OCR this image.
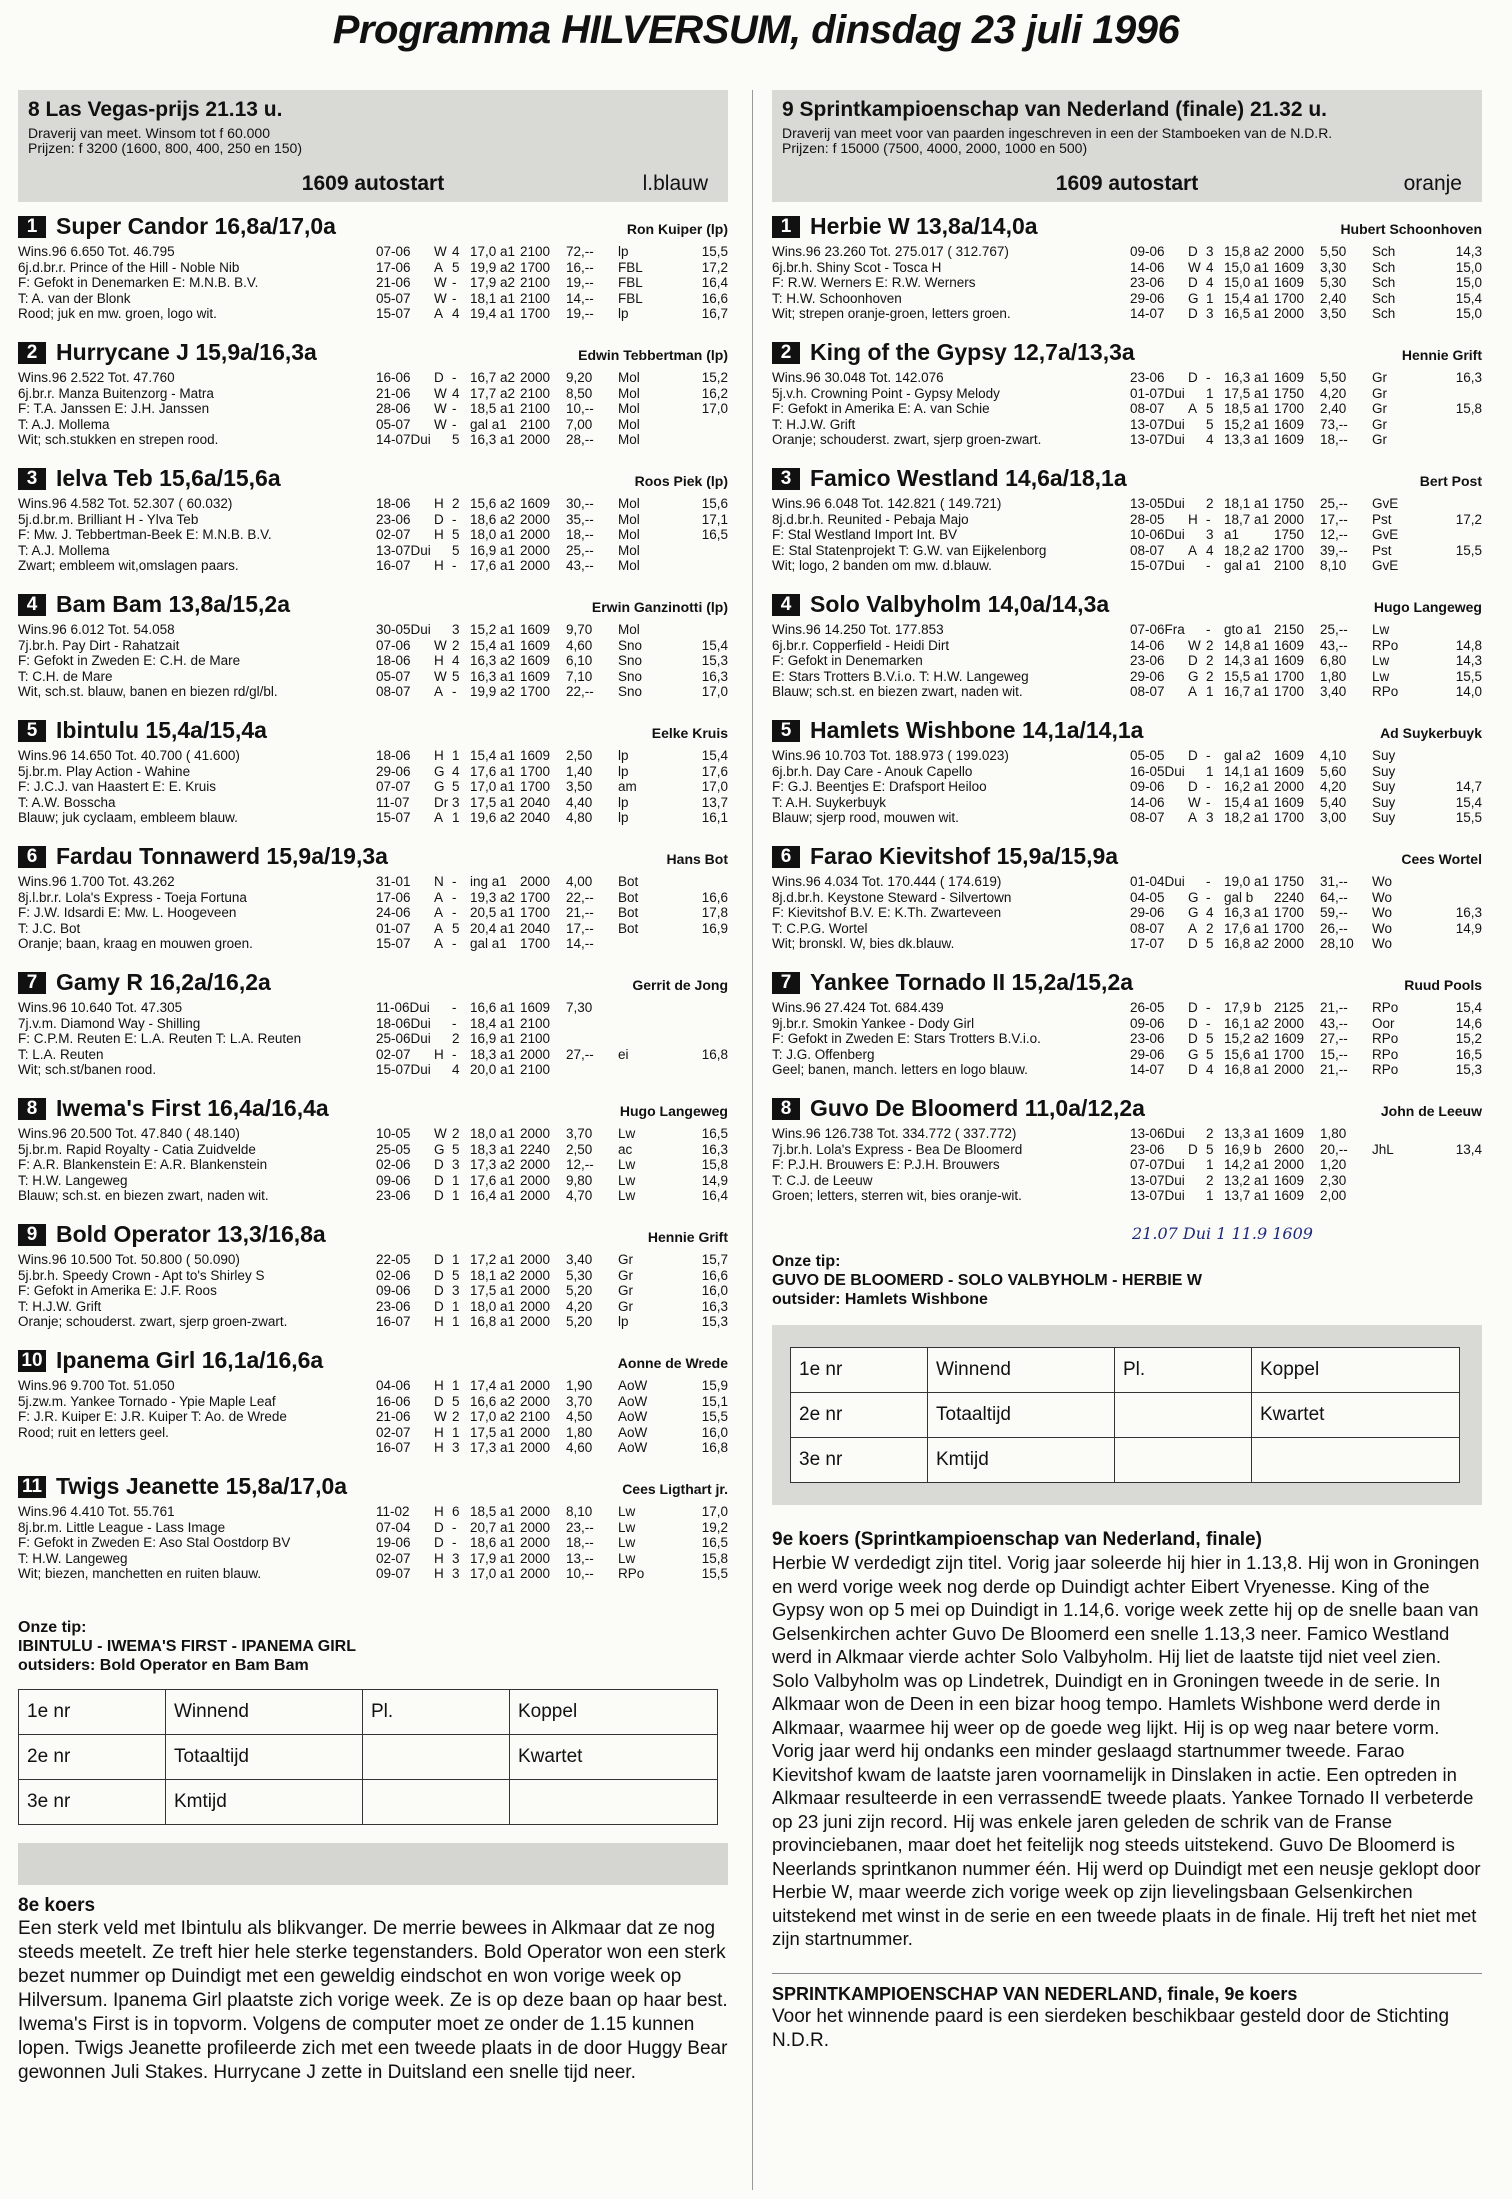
Programma HILVERSUM, dinsdag 23 juli 1996
8 Las Vegas-prijs 21.13 u.
Draverij van meet. Winsom tot f 60.000
Prijzen: f 3200 (1600, 800, 400, 250 en 150)
1609 autostart	l.blauw
1 Super Candor 16,8a/17,0a	Ron Kuiper (lp)
Wins.96 6.650 Tot. 46.795
6j.d.br.r. Prince of the Hill - Noble Nib
F: Gefokt in Denemarken E: M.N.B. B.V.
T: A. van der Blonk
Rood; juk en mw. groen, logo wit.
07-06	W 4 17,0 a1 2100	72,--	lp	15,5
17-06	A 5 19,9 a2 1700	16,--	FBL	17,2
21-06	W -	17,9 a2 2100	19,--	FBL	16,4
05-07	W -	18,1 a1 2100	14,--	FBL	16,6
15-07	A 4 19,4 a1 1700	19,--	lp	16,7
2 Hurrycane J 15,9a/16,3a	Edwin Tebbertman (lp)
Wins.96 2.522 Tot. 47.760
6j.br.r. Manza Buitenzorg - Matra
F: T.A. Janssen E: J.H. Janssen
T: A.J. Mollema
Wit; sch.stukken en strepen rood.
16-06	D -	16,7 a2 2000	9,20	Mol	15,2
21-06	W 4 17,7 a2 2100	8,50	Mol	16,2
28-06	W -	18,5 a1 2100	10,--	Mol	17,0
05-07	W -	gal a1 2100	7,00	Mol
14-07Dui 5 16,3 a1 2000	28,--	Mol
3 Ielva Teb 15,6a/15,6a	Roos Piek (lp)
Wins.96 4.582 Tot. 52.307 ( 60.032)
5j.d.br.m. Brilliant H - Ylva Teb
F: Mw. J. Tebbertman-Beek E: M.N.B. B.V.
T: A.J. Mollema
Zwart; embleem wit,omslagen paars.
18-06	H 2 15,6 a2 1609	30,--	Mol	15,6
23-06	D -	18,6 a2 2000	35,--	Mol	17,1
02-07	H 5 18,0 a1 2000	18,--	Mol	16,5
13-07Dui 5 16,9 a1 2000	25,--	Mol
16-07	H -	17,6 a1 2000	43,--	Mol
4 Bam Bam 13,8a/15,2a	Erwin Ganzinotti (lp)
Wins.96 6.012 Tot. 54.058
7j.br.h. Pay Dirt - Rahatzait
F: Gefokt in Zweden E: C.H. de Mare
T: C.H. de Mare
Wit, sch.st. blauw, banen en biezen rd/gl/bl.
30-05Dui 3 15,2 a1 1609	9,70	Mol
07-06	W 2 15,4 a1 1609	4,60	Sno	15,4
18-06	H 4 16,3 a2 1609	6,10	Sno	15,3
05-07	W 5 16,3 a1 1609	7,10	Sno	16,3
08-07	A -	19,9 a2 1700	22,--	Sno	17,0
5 Ibintulu 15,4a/15,4a	Eelke Kruis
Wins.96 14.650 Tot. 40.700 ( 41.600)
5j.br.m. Play Action - Wahine
F: J.C.J. van Haastert E: E. Kruis
T: A.W. Bosscha
Blauw; juk cyclaam, embleem blauw.
18-06	H 1 15,4 a1 1609	2,50	lp	15,4
29-06	G 4 17,6 a1 1700	1,40	lp	17,6
07-07	G 5 17,0 a1 1700	3,50	am	17,0
11-07	Dr 3 17,5 a1 2040	4,40	lp	13,7
15-07	A 1 19,6 a2 2040	4,80	lp	16,1
6 Fardau Tonnawerd 15,9a/19,3a	Hans Bot
Wins.96 1.700 Tot. 43.262
8j.l.br.r. Lola's Express - Toeja Fortuna
F: J.W. Idsardi E: Mw. L. Hoogeveen
T: J.C. Bot
Oranje; baan, kraag en mouwen groen.
31-01	N -	ing a1 2000	4,00	Bot
17-06	A -	19,3 a2 1700	22,--	Bot	16,6
24-06	A -	20,5 a1 1700	21,--	Bot	17,8
01-07	A 5 20,4 a1 2040	17,--	Bot	16,9
15-07	A -	gal a1 1700	14,--
7 Gamy R 16,2a/16,2a	Gerrit de Jong
Wins.96 10.640 Tot. 47.305
7j.v.m. Diamond Way - Shilling
F: C.P.M. Reuten E: L.A. Reuten T: L.A. Reuten
T: L.A. Reuten
Wit; sch.st/banen rood.
11-06Dui	-	16,6 a1 1609	7,30
18-06Dui -	18,4 a1 2100
25-06Dui 2 16,9 a1 2100
02-07	H -	18,3 a1 2000	27,--	ei	16,8
15-07Dui 4 20,0 a1 2100
8 Iwema's First 16,4a/16,4a	Hugo Langeweg
Wins.96 20.500 Tot. 47.840 ( 48.140)
5j.br.m. Rapid Royalty - Catia Zuidvelde
F: A.R. Blankenstein E: A.R. Blankenstein
T: H.W. Langeweg
Blauw; sch.st. en biezen zwart, naden wit.
10-05	W 2 18,0 a1 2000	3,70	Lw	16,5
25-05	G 5 18,3 a1 2240	2,50	ac	16,3
02-06	D 3 17,3 a2 2000	12,--	Lw	15,8
09-06	D 1 17,6 a1 2000	9,80	Lw	14,9
23-06	D 1 16,4 a1 2000	4,70	Lw	16,4
9 Bold Operator 13,3/16,8a	Hennie Grift
Wins.96 10.500 Tot. 50.800 ( 50.090)
5j.br.h. Speedy Crown - Apt to's Shirley S
F: Gefokt in Amerika E: J.F. Roos
T: H.J.W. Grift
Oranje; schouderst. zwart, sjerp groen-zwart.
22-05	D 1 17,2 a1 2000	3,40	Gr	15,7
02-06	D 5 18,1 a2 2000	5,30	Gr	16,6
09-06	D 3 17,5 a1 2000	5,20	Gr	16,0
23-06	D 1 18,0 a1 2000	4,20	Gr	16,3
16-07	H 1 16,8 a1 2000	5,20	lp	15,3
10 Ipanema Girl 16,1a/16,6a	Aonne de Wrede
Wins.96 9.700 Tot. 51.050
5j.zw.m. Yankee Tornado - Ypie Maple Leaf
F: J.R. Kuiper E: J.R. Kuiper T: Ao. de Wrede
Rood; ruit en letters geel.
04-06	H 1 17,4 a1 2000	1,90	AoW	15,9
16-06	D 5 16,6 a2 2000	3,70	AoW	15,1
21-06	W 2 17,0 a2 2100	4,50	AoW	15,5
02-07	H 1 17,5 a1 2000	1,80	AoW	16,0
16-07	H 3 17,3 a1 2000	4,60	AoW	16,8
11 Twigs Jeanette 15,8a/17,0a	Cees Ligthart jr.
Wins.96 4.410 Tot. 55.761
8j.br.m. Little League - Lass Image
F: Gefokt in Zweden E: Aso Stal Oostdorp BV
T: H.W. Langeweg
Wit; biezen, manchetten en ruiten blauw.
11-02	H 6 18,5 a1 2000	8,10	Lw	17,0
07-04	D -	20,7 a1 2000	23,--	Lw	19,2
19-06	D -	18,6 a1 2000	18,--	Lw	16,5
02-07	H 3 17,9 a1 2000	13,--	Lw	15,8
09-07	H 3 17,0 a1 2000	10,--	RPo	15,5
Onze tip:
IBINTULU - IWEMA'S FIRST - IPANEMA GIRL
outsiders: Bold Operator en Bam Bam
1e nr	Winnend	Pl.	Koppel
2e nr	Totaaltijd		Kwartet
3e nr	Kmtijd		
8e koers
Een sterk veld met Ibintulu als blikvanger. De merrie bewees in Alkmaar dat ze nog steeds meetelt. Ze treft hier hele sterke tegenstanders. Bold Operator won een sterk bezet nummer op Duindigt met een geweldig eindschot en won vorige week op Hilversum. Ipanema Girl plaatste zich vorige week. Ze is op deze baan op haar best. Iwema's First is in topvorm. Volgens de computer moet ze onder de 1.15 kunnen lopen. Twigs Jeanette profileerde zich met een tweede plaats in de door Huggy Bear gewonnen Juli Stakes. Hurrycane J zette in Duitsland een snelle tijd neer.
9 Sprintkampioenschap van Nederland (finale) 21.32 u.
Draverij van meet voor van paarden ingeschreven in een der Stamboeken van de N.D.R.
Prijzen: f 15000 (7500, 4000, 2000, 1000 en 500)
1609 autostart	oranje
1 Herbie W 13,8a/14,0a	Hubert Schoonhoven
Wins.96 23.260 Tot. 275.017 ( 312.767)
6j.br.h. Shiny Scot - Tosca H
F: R.W. Werners E: R.W. Werners
T: H.W. Schoonhoven
Wit; strepen oranje-groen, letters groen.
09-06	D 3 15,8 a2 2000	5,50	Sch	14,3
14-06	W 4 15,0 a1 1609	3,30	Sch	15,0
23-06	D 4 15,0 a1 1609	5,30	Sch	15,0
29-06	G 1 15,4 a1 1700	2,40	Sch	15,4
14-07	D 3 16,5 a1 2000	3,50	Sch	15,0
2 King of the Gypsy 12,7a/13,3a	Hennie Grift
Wins.96 30.048 Tot. 142.076
5j.v.h. Crowning Point - Gypsy Melody
F: Gefokt in Amerika E: A. van Schie
T: H.J.W. Grift
Oranje; schouderst. zwart, sjerp groen-zwart.
23-06	D -	16,3 a1 1609	5,50	Gr	16,3
01-07Dui 1 17,5 a1 1750	4,20	Gr
08-07	A 5 18,5 a1 1700	2,40	Gr	15,8
13-07Dui 5 15,2 a1 1609	73,--	Gr
13-07Dui 4 13,3 a1 1609	18,--	Gr
3 Famico Westland 14,6a/18,1a	Bert Post
Wins.96 6.048 Tot. 142.821 ( 149.721)
8j.d.br.h. Reunited - Pebaja Majo
F: Stal Westland Import Int. BV
E: Stal Statenprojekt T: G.W. van Eijkelenborg
Wit; logo, 2 banden om mw. d.blauw.
13-05Dui 2 18,1 a1 1750	25,--	GvE
28-05	H -	18,7 a1 2000	17,--	Pst	17,2
10-06Dui 3 a1	1750	12,--	GvE
08-07	A 4 18,2 a2 1700	39,--	Pst	15,5
15-07Dui -	gal a1 2100	8,10	GvE
4 Solo Valbyholm 14,0a/14,3a	Hugo Langeweg
Wins.96 14.250 Tot. 177.853
6j.br.r. Copperfield - Heidi Dirt
F: Gefokt in Denemarken
E: Stars Trotters B.V.i.o. T: H.W. Langeweg
Blauw; sch.st. en biezen zwart, naden wit.
07-06Fra -	gto a1 2150	25,--	Lw
14-06	W 2 14,8 a1 1609	43,--	RPo	14,8
23-06	D 2 14,3 a1 1609	6,80	Lw	14,3
29-06	G 2 15,5 a1 1700	1,80	Lw	15,5
08-07	A 1 16,7 a1 1700	3,40	RPo	14,0
5 Hamlets Wishbone 14,1a/14,1a	Ad Suykerbuyk
Wins.96 10.703 Tot. 188.973 ( 199.023)
6j.br.h. Day Care - Anouk Capello
F: G.J. Beentjes E: Drafsport Heiloo
T: A.H. Suykerbuyk
Blauw; sjerp rood, mouwen wit.
05-05	D -	gal a2 1609	4,10	Suy
16-05Dui 1 14,1 a1 1609	5,60	Suy
09-06	D -	16,2 a1 2000	4,20	Suy	14,7
14-06	W -	15,4 a1 1609	5,40	Suy	15,4
08-07	A 3 18,2 a1 1700	3,00	Suy	15,5
6 Farao Kievitshof 15,9a/15,9a	Cees Wortel
Wins.96 4.034 Tot. 170.444 ( 174.619)
8j.d.br.h. Keystone Steward - Silvertown
F: Kievitshof B.V. E: K.Th. Zwarteveen
T: C.P.G. Wortel
Wit; bronskl. W, bies dk.blauw.
01-04Dui -	19,0 a1 1750	31,--	Wo
04-05	G -	gal b	2240	64,--	Wo
29-06	G 4 16,3 a1 1700	59,--	Wo	16,3
08-07	A 2 17,6 a1 1700	26,--	Wo	14,9
17-07	D 5 16,8 a2 2000	28,10	Wo
7 Yankee Tornado II 15,2a/15,2a	Ruud Pools
Wins.96 27.424 Tot. 684.439
9j.br.r. Smokin Yankee - Dody Girl
F: Gefokt in Zweden E: Stars Trotters B.V.i.o.
T: J.G. Offenberg
Geel; banen, manch. letters en logo blauw.
26-05	D -	17,9 b 2125	21,--	RPo	15,4
09-06	D -	16,1 a2 2000	43,--	Oor	14,6
23-06	D 5 15,2 a2 1609	27,--	RPo	15,2
29-06	G 5 15,6 a1 1700	15,--	RPo	16,5
14-07	D 4 16,8 a1 2000	21,--	RPo	15,3
8 Guvo De Bloomerd 11,0a/12,2a	John de Leeuw
Wins.96 126.738 Tot. 334.772 ( 337.772)
7j.br.h. Lola's Express - Bea De Bloomerd
F: P.J.H. Brouwers E: P.J.H. Brouwers
T: C.J. de Leeuw
Groen; letters, sterren wit, bies oranje-wit.
13-06Dui 2 13,3 a1 1609	1,80
23-06	D 5 16,9 b 2600	20,--	JhL	13,4
07-07Dui 1 14,2 a1 2000	1,20
13-07Dui 2 13,2 a1 1609	2,30
13-07Dui 1 13,7 a1 1609	2,00
21.07 Dui 1 11.9 1609
Onze tip:
GUVO DE BLOOMERD - SOLO VALBYHOLM - HERBIE W
outsider: Hamlets Wishbone
1e nr	Winnend	Pl.	Koppel
2e nr	Totaaltijd		Kwartet
3e nr	Kmtijd		
9e koers (Sprintkampioenschap van Nederland, finale)
Herbie W verdedigt zijn titel. Vorig jaar soleerde hij hier in 1.13,8. Hij won in Groningen en werd vorige week nog derde op Duindigt achter Eibert Vryenesse. King of the Gypsy won op 5 mei op Duindigt in 1.14,6. vorige week zette hij op de snelle baan van Gelsenkirchen achter Guvo De Bloomerd een snelle 1.13,3 neer. Famico Westland werd in Alkmaar vierde achter Solo Valbyholm. Hij liet de laatste tijd niet veel zien. Solo Valbyholm was op Lindetrek, Duindigt en in Groningen tweede in de serie. In Alkmaar won de Deen in een bizar hoog tempo. Hamlets Wishbone werd derde in Alkmaar, waarmee hij weer op de goede weg lijkt. Hij is op weg naar betere vorm. Vorig jaar werd hij ondanks een minder geslaagd startnummer tweede. Farao Kievitshof kwam de laatste jaren voornamelijk in Dinslaken in actie. Een optreden in Alkmaar resulteerde in een verrassendE tweede plaats. Yankee Tornado II verbeterde op 23 juni zijn record. Hij was enkele jaren geleden de schrik van de Franse provinciebanen, maar doet het feitelijk nog steeds uitstekend. Guvo De Bloomerd is Neerlands sprintkanon nummer één. Hij werd op Duindigt met een neusje geklopt door Herbie W, maar weerde zich vorige week op zijn lievelingsbaan Gelsenkirchen uitstekend met winst in de serie en een tweede plaats in de finale. Hij treft het niet met zijn startnummer.
SPRINTKAMPIOENSCHAP VAN NEDERLAND, finale, 9e koers
Voor het winnende paard is een sierdeken beschikbaar gesteld door de Stichting N.D.R.
